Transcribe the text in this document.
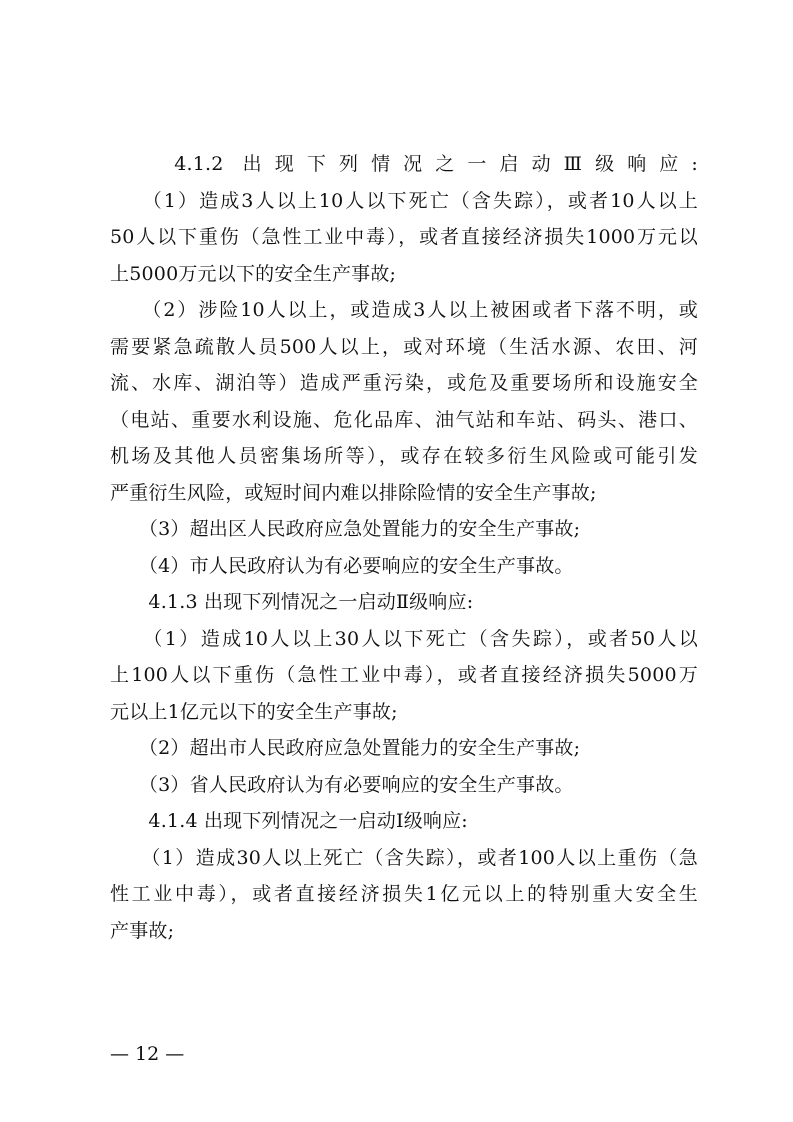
　　4.1.2 出现下列情况之一启动Ⅲ级响应:
　　（1）造成3人以上10人以下死亡（含失踪），或者10人以上
50人以下重伤（急性工业中毒），或者直接经济损失1000万元以
上5000万元以下的安全生产事故;
　　（2）涉险10人以上，或造成3人以上被困或者下落不明，或
需要紧急疏散人员500人以上，或对环境（生活水源、农田、河
流、水库、湖泊等）造成严重污染，或危及重要场所和设施安全
（电站、重要水利设施、危化品库、油气站和车站、码头、港口、
机场及其他人员密集场所等），或存在较多衍生风险或可能引发
严重衍生风险，或短时间内难以排除险情的安全生产事故;
　　（3）超出区人民政府应急处置能力的安全生产事故;
　　（4）市人民政府认为有必要响应的安全生产事故。
　　4.1.3 出现下列情况之一启动Ⅱ级响应:
　　（1）造成10人以上30人以下死亡（含失踪），或者50人以
上100人以下重伤（急性工业中毒），或者直接经济损失5000万
元以上1亿元以下的安全生产事故;
　　（2）超出市人民政府应急处置能力的安全生产事故;
　　（3）省人民政府认为有必要响应的安全生产事故。
　　4.1.4 出现下列情况之一启动Ⅰ级响应:
　　（1）造成30人以上死亡（含失踪），或者100人以上重伤（急
性工业中毒），或者直接经济损失1亿元以上的特别重大安全生
产事故;
— 12 —
